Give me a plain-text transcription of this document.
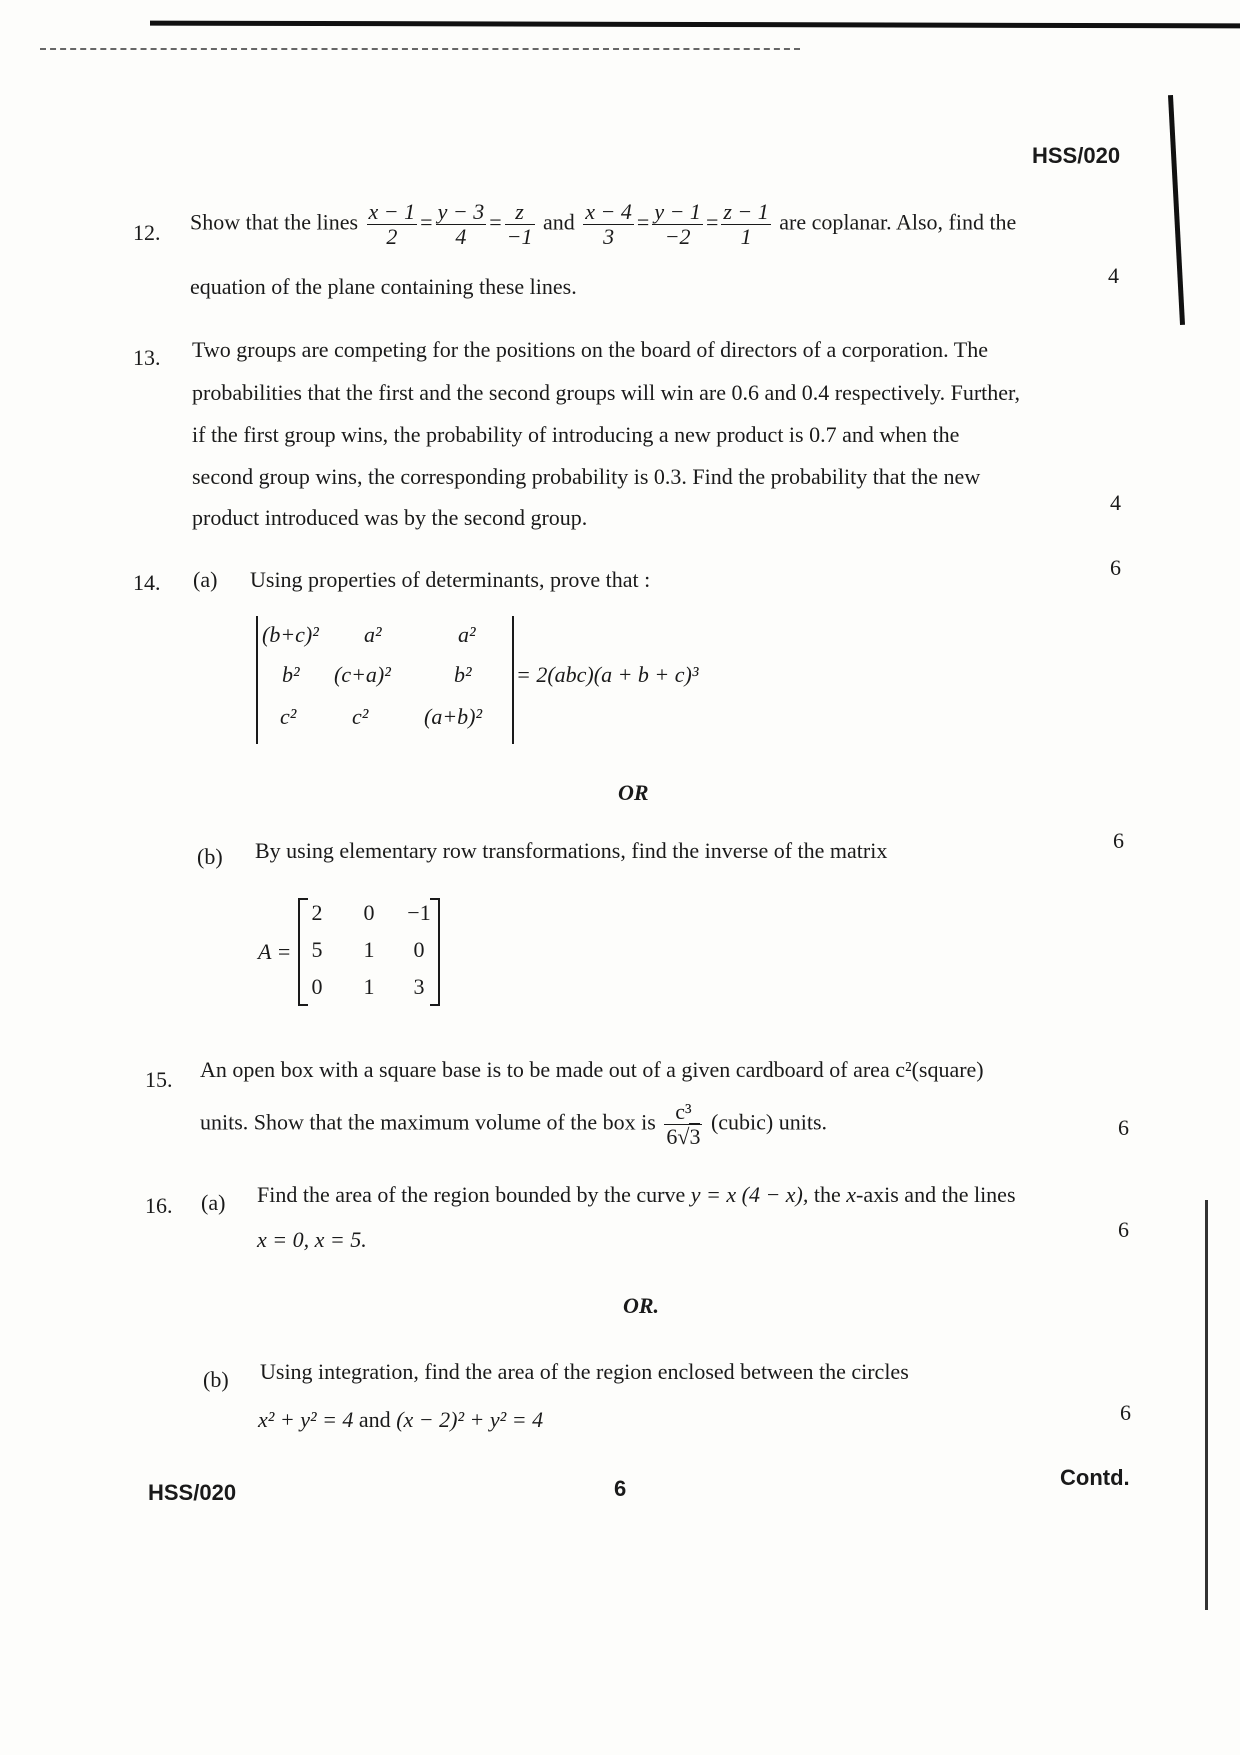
HSS/020
12. Show that the lines $\frac{x - 1}{2} = \frac{y - 3}{4} = \frac{z}{-1}$ and $\frac{x - 4}{3} = \frac{y - 1}{-2} = \frac{z - 1}{1}$ are coplanar. Also, find the
equation of the plane containing these lines.	4
13. Two groups are competing for the positions on the board of directors of a corporation. The
probabilities that the first and the second groups will win are 0.6 and 0.4 respectively. Further,
if the first group wins, the probability of introducing a new product is 0.7 and when the
second group wins, the corresponding probability is 0.3. Find the probability that the new
product introduced was by the second group.
4
14. (a) Using properties of determinants, prove that :	6
(b+c)² a²	a²
b² (c+a)²	b²
c²	c²	(a+b)²
= 2(abc)(a + b + c)³
OR
(b) By using elementary row transformations, find the inverse of the matrix	6
A =
2	0	−1
5	1	0
0	1	3
15. An open box with a square base is to be made out of a given cardboard of area c²(square)
units. Show that the maximum volume of the box is $\frac{\text{c³}}{6√3}$ (cubic) units.	6
16. (a) Find the area of the region bounded by the curve y = x (4 − x), the x-axis and the lines
x = 0, x = 5.	6
OR.
(b) Using integration, find the area of the region enclosed between the circles
x² + y² = 4 and (x − 2)² + y² = 4	6
HSS/020	6	Contd.
